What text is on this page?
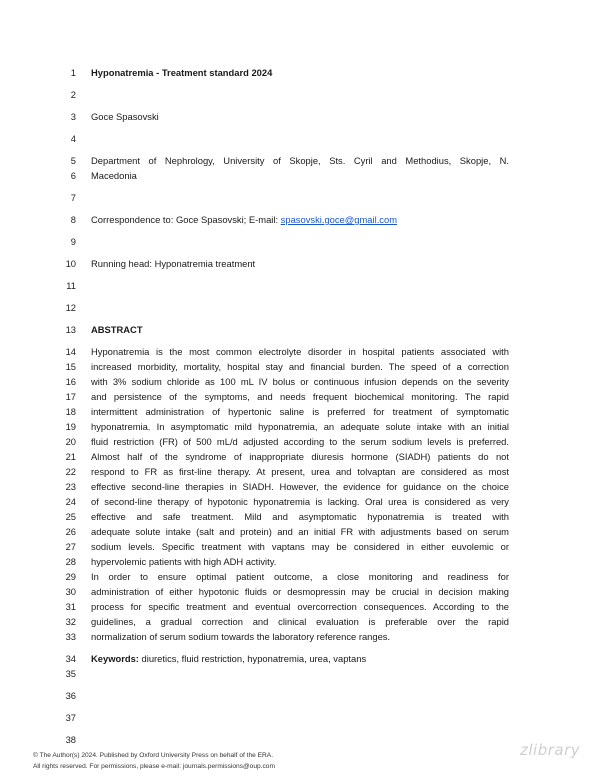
1
2
3
4
5
6
7
8
9
10
11
12
13
14
15
16
17
18
19
20
21
22
23
24
25
26
27
28
29
30
31
32
33
34
35
36
37
38
Hyponatremia - Treatment standard 2024
Goce Spasovski
Department of Nephrology, University of Skopje, Sts. Cyril and Methodius, Skopje, N.
Macedonia
Correspondence to: Goce Spasovski; E-mail: spasovski.goce@gmail.com
Running head: Hyponatremia treatment
ABSTRACT
Hyponatremia is the most common electrolyte disorder in hospital patients associated with
increased morbidity, mortality, hospital stay and financial burden. The speed of a correction
with 3% sodium chloride as 100 mL IV bolus or continuous infusion depends on the severity
and persistence of the symptoms, and needs frequent biochemical monitoring. The rapid
intermittent administration of hypertonic saline is preferred for treatment of symptomatic
hyponatremia. In asymptomatic mild hyponatremia, an adequate solute intake with an initial
fluid restriction (FR) of 500 mL/d adjusted according to the serum sodium levels is preferred.
Almost half of the syndrome of inappropriate diuresis hormone (SIADH) patients do not
respond to FR as first-line therapy. At present, urea and tolvaptan are considered as most
effective second-line therapies in SIADH. However, the evidence for guidance on the choice
of second-line therapy of hypotonic hyponatremia is lacking. Oral urea is considered as very
effective and safe treatment. Mild and asymptomatic hyponatremia is treated with
adequate solute intake (salt and protein) and an initial FR with adjustments based on serum
sodium levels. Specific treatment with vaptans may be considered in either euvolemic or
hypervolemic patients with high ADH activity.
In order to ensure optimal patient outcome, a close monitoring and readiness for
administration of either hypotonic fluids or desmopressin may be crucial in decision making
process for specific treatment and eventual overcorrection consequences. According to the
guidelines, a gradual correction and clinical evaluation is preferable over the rapid
normalization of serum sodium towards the laboratory reference ranges.
Keywords: diuretics, fluid restriction, hyponatremia, urea, vaptans
© The Author(s) 2024. Published by Oxford University Press on behalf of the ERA.
All rights reserved. For permissions, please e-mail: journals.permissions@oup.com
zlibrary
